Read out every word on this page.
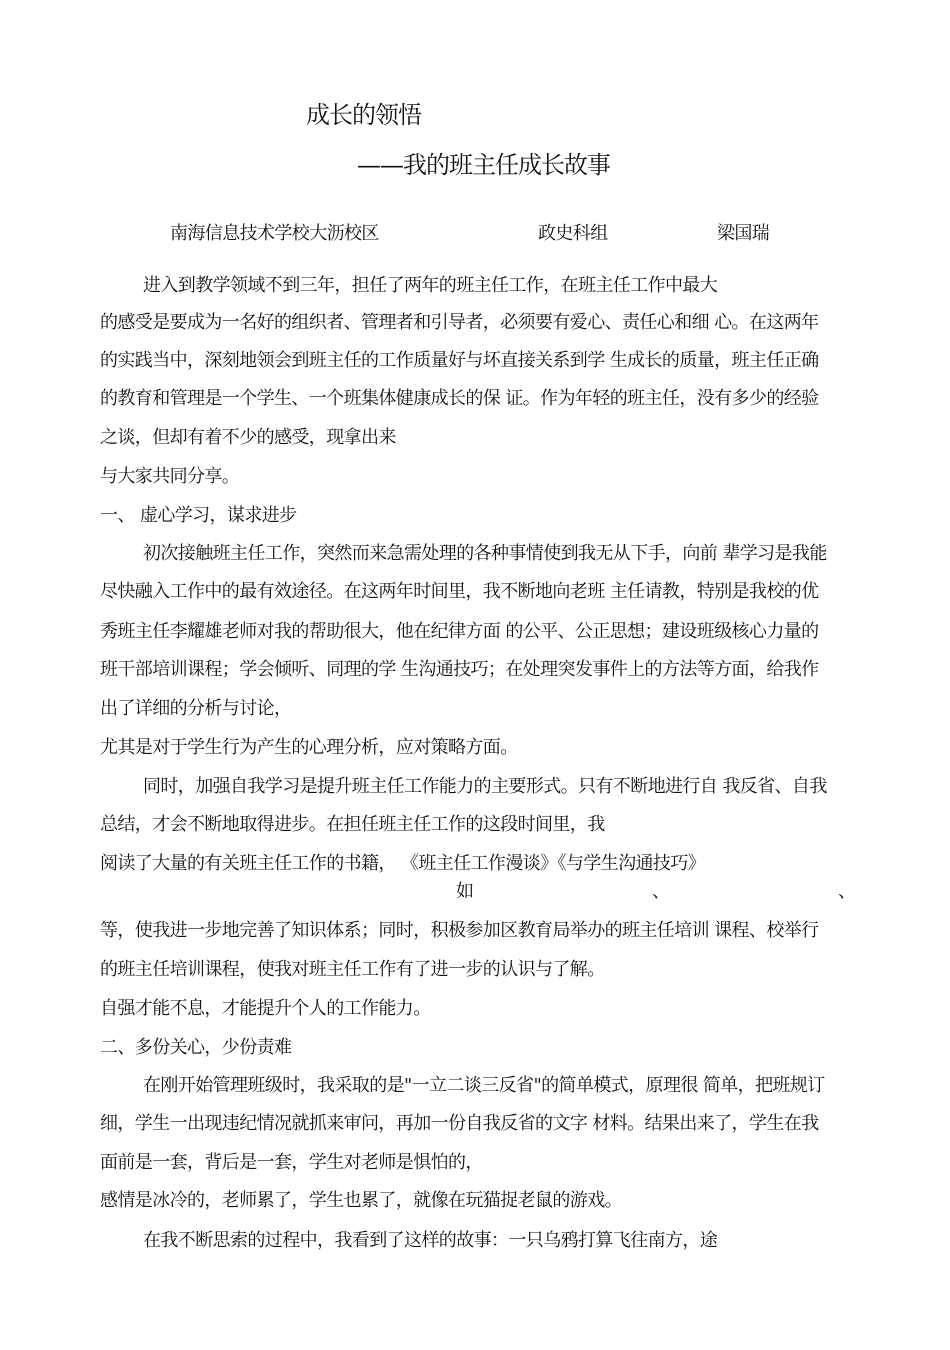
成长的领悟
——我的班主任成长故事
南海信息技术学校大沥校区	政史科组	梁国瑞
进入到教学领域不到三年，担任了两年的班主任工作，在班主任工作中最大
的感受是要成为一名好的组织者、管理者和引导者，必须要有爱心、责任心和细 心。在这两年
的实践当中，深刻地领会到班主任的工作质量好与坏直接关系到学 生成长的质量，班主任正确
的教育和管理是一个学生、一个班集体健康成长的保 证。作为年轻的班主任，没有多少的经验
之谈，但却有着不少的感受，现拿出来
与大家共同分享。
一、 虚心学习，谋求进步
初次接触班主任工作，突然而来急需处理的各种事情使到我无从下手，向前 辈学习是我能
尽快融入工作中的最有效途径。在这两年时间里，我不断地向老班 主任请教，特别是我校的优
秀班主任李耀雄老师对我的帮助很大，他在纪律方面 的公平、公正思想；建设班级核心力量的
班干部培训课程；学会倾听、同理的学 生沟通技巧；在处理突发事件上的方法等方面，给我作
出了详细的分析与讨论，
尤其是对于学生行为产生的心理分析，应对策略方面。
同时，加强自我学习是提升班主任工作能力的主要形式。只有不断地进行自 我反省、自我
总结，才会不断地取得进步。在担任班主任工作的这段时间里，我
阅读了大量的有关班主任工作的书籍， 《班主任工作漫谈》《与学生沟通技巧》
如	、	、
等，使我进一步地完善了知识体系；同时，积极参加区教育局举办的班主任培训 课程、校举行
的班主任培训课程，使我对班主任工作有了进一步的认识与了解。
自强才能不息，才能提升个人的工作能力。
二、多份关心，少份责难
在刚开始管理班级时，我采取的是"一立二谈三反省"的简单模式，原理很 简单，把班规订
细，学生一出现违纪情况就抓来审问，再加一份自我反省的文字 材料。结果出来了，学生在我
面前是一套，背后是一套，学生对老师是惧怕的，
感情是冰冷的，老师累了，学生也累了，就像在玩猫捉老鼠的游戏。
在我不断思索的过程中，我看到了这样的故事：一只乌鸦打算飞往南方，途
